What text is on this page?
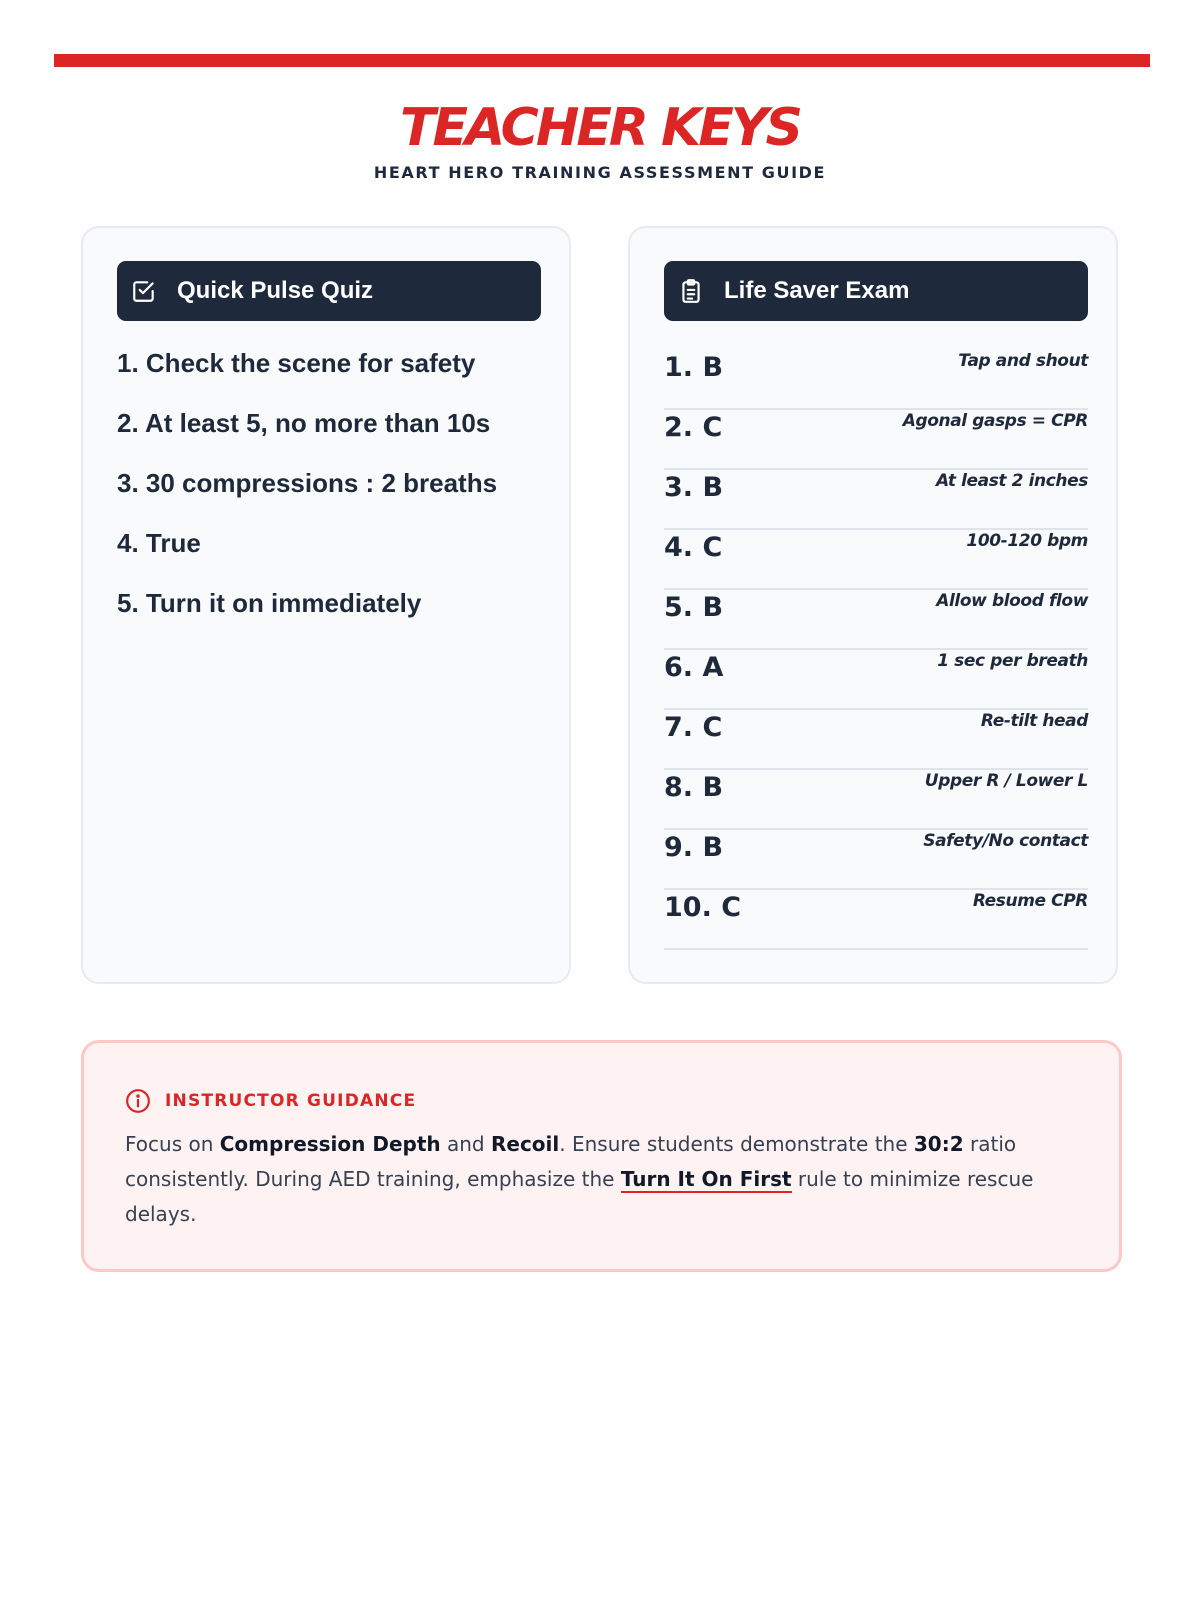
TEACHER KEYS
HEART HERO TRAINING ASSESSMENT GUIDE
Quick Pulse Quiz
1. Check the scene for safety
2. At least 5, no more than 10s
3. 30 compressions : 2 breaths
4. True
5. Turn it on immediately
Life Saver Exam
1. B	Tap and shout
2. C	Agonal gasps = CPR
3. B	At least 2 inches
4. C	100-120 bpm
5. B	Allow blood flow
6. A	1 sec per breath
7. C	Re-tilt head
8. B	Upper R / Lower L
9. B	Safety/No contact
10. C	Resume CPR
INSTRUCTOR GUIDANCE

Focus on Compression Depth and Recoil. Ensure students demonstrate the 30:2 ratio consistently. During AED training, emphasize the Turn It On First rule to minimize rescue delays.
